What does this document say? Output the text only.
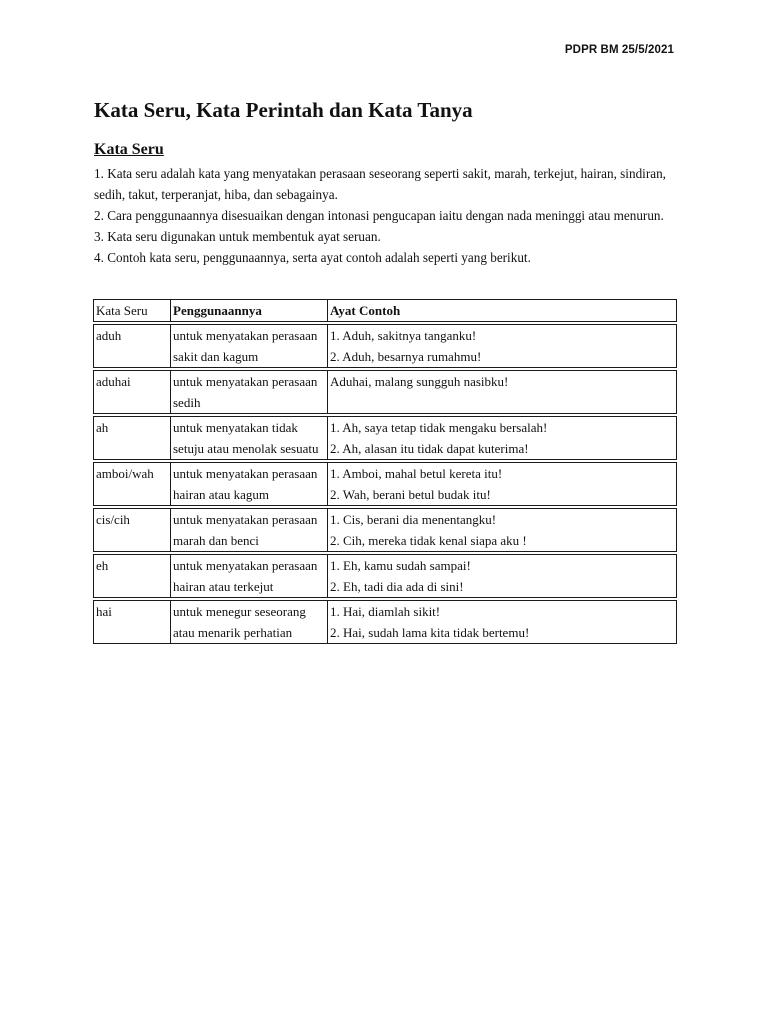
PDPR BM 25/5/2021
Kata Seru, Kata Perintah dan Kata Tanya
Kata Seru

1. Kata seru adalah kata yang menyatakan perasaan seseorang seperti sakit, marah, terkejut, hairan, sindiran, sedih, takut, terperanjat, hiba, dan sebagainya.

2. Cara penggunaannya disesuaikan dengan intonasi pengucapan iaitu dengan nada meninggi atau menurun.

3. Kata seru digunakan untuk membentuk ayat seruan.

4. Contoh kata seru, penggunaannya, serta ayat contoh adalah seperti yang berikut.

Kata Seru	Penggunaannya	Ayat Contoh
aduh	untuk menyatakan perasaan sakit dan kagum	1. Aduh, sakitnya tanganku!
2. Aduh, besarnya rumahmu!

aduhai	untuk menyatakan perasaan sedih	Aduhai, malang sungguh nasibku!

ah	untuk menyatakan tidak setuju atau menolak sesuatu	1. Ah, saya tetap tidak mengaku bersalah!
2. Ah, alasan itu tidak dapat kuterima!

amboi/wah	untuk menyatakan perasaan hairan atau kagum	1. Amboi, mahal betul kereta itu!
2. Wah, berani betul budak itu!

cis/cih	untuk menyatakan perasaan marah dan benci	1. Cis, berani dia menentangku!
2. Cih, mereka tidak kenal siapa aku !

eh	untuk menyatakan perasaan hairan atau terkejut	1. Eh, kamu sudah sampai!
2. Eh, tadi dia ada di sini!

hai	untuk menegur seseorang atau menarik perhatian	1. Hai, diamlah sikit!
2. Hai, sudah lama kita tidak bertemu!
